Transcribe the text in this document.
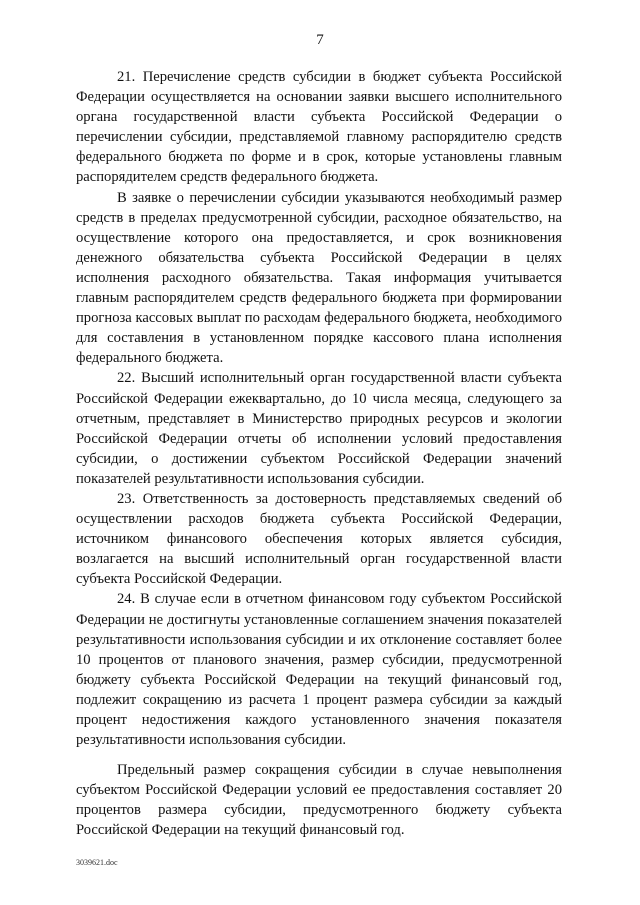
7

21. Перечисление средств субсидии в бюджет субъекта Российской Федерации осуществляется на основании заявки высшего исполнительного органа государственной власти субъекта Российской Федерации о перечислении субсидии, представляемой главному распорядителю средств федерального бюджета по форме и в срок, которые установлены главным распорядителем средств федерального бюджета.

В заявке о перечислении субсидии указываются необходимый размер средств в пределах предусмотренной субсидии, расходное обязательство, на осуществление которого она предоставляется, и срок возникновения денежного обязательства субъекта Российской Федерации в целях исполнения расходного обязательства. Такая информация учитывается главным распорядителем средств федерального бюджета при формировании прогноза кассовых выплат по расходам федерального бюджета, необходимого для составления в установленном порядке кассового плана исполнения федерального бюджета.

22. Высший исполнительный орган государственной власти субъекта Российской Федерации ежеквартально, до 10 числа месяца, следующего за отчетным, представляет в Министерство природных ресурсов и экологии Российской Федерации отчеты об исполнении условий предоставления субсидии, о достижении субъектом Российской Федерации значений показателей результативности использования субсидии.

23. Ответственность за достоверность представляемых сведений об осуществлении расходов бюджета субъекта Российской Федерации, источником финансового обеспечения которых является субсидия, возлагается на высший исполнительный орган государственной власти субъекта Российской Федерации.

24. В случае если в отчетном финансовом году субъектом Российской Федерации не достигнуты установленные соглашением значения показателей результативности использования субсидии и их отклонение составляет более 10 процентов от планового значения, размер субсидии, предусмотренной бюджету субъекта Российской Федерации на текущий финансовый год, подлежит сокращению из расчета 1 процент размера субсидии за каждый процент недостижения каждого установленного значения показателя результативности использования субсидии.

Предельный размер сокращения субсидии в случае невыполнения субъектом Российской Федерации условий ее предоставления составляет 20 процентов размера субсидии, предусмотренного бюджету субъекта Российской Федерации на текущий финансовый год.

3039621.doc
